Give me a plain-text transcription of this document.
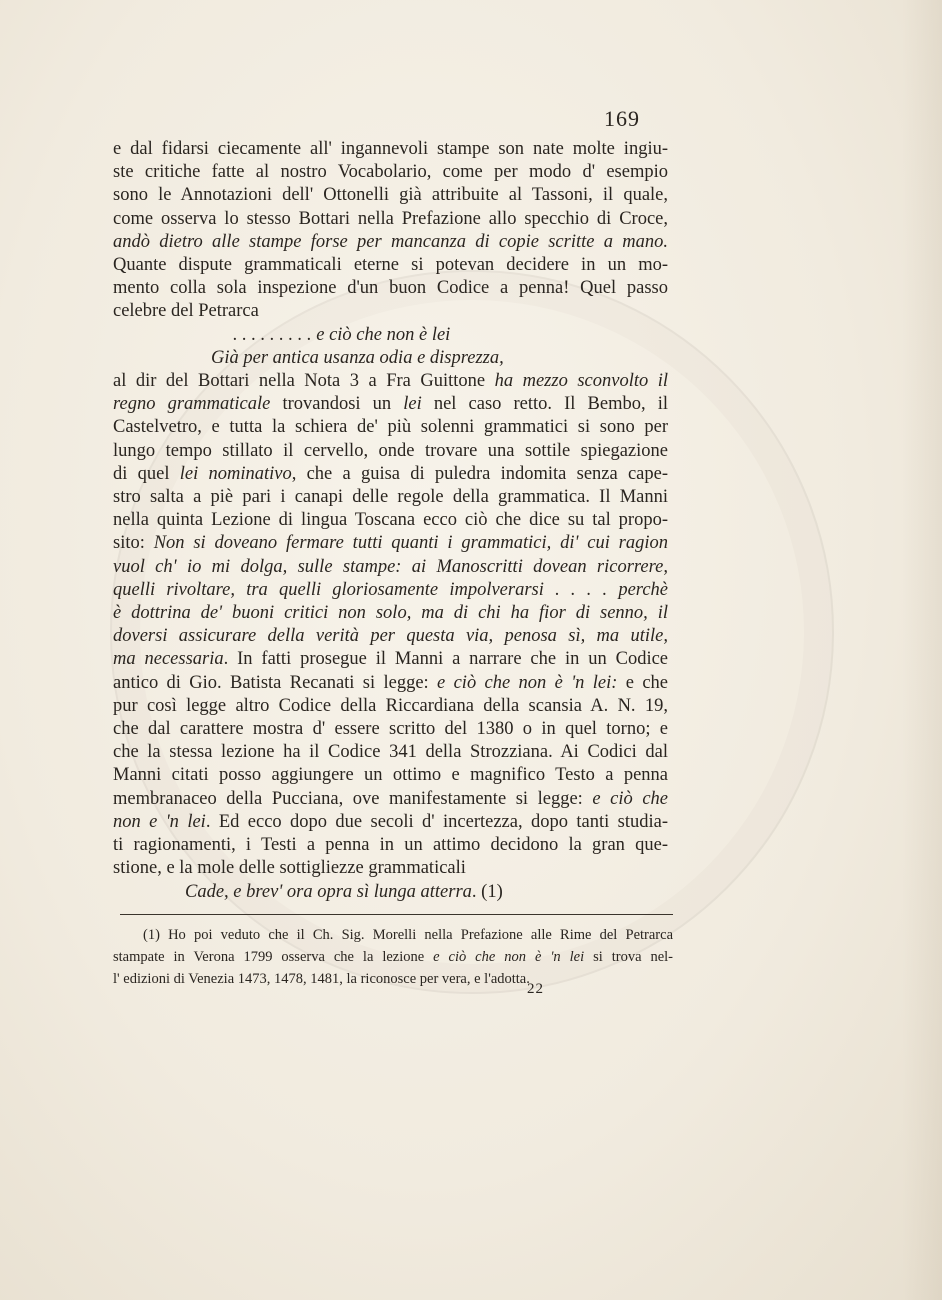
169
e dal fidarsi ciecamente all' ingannevoli stampe son nate molte ingiu-
ste critiche fatte al nostro Vocabolario, come per modo d' esempio
sono le Annotazioni dell' Ottonelli già attribuite al Tassoni, il quale,
come osserva lo stesso Bottari nella Prefazione allo specchio di Croce,
andò dietro alle stampe forse per mancanza di copie scritte a mano.
Quante dispute grammaticali eterne si potevan decidere in un mo-
mento colla sola inspezione d'un buon Codice a penna! Quel passo
celebre del Petrarca
. . . . . . . . . e ciò che non è lei
Già per antica usanza odia e disprezza,
al dir del Bottari nella Nota 3 a Fra Guittone ha mezzo sconvolto il
regno grammaticale trovandosi un lei nel caso retto. Il Bembo, il
Castelvetro, e tutta la schiera de' più solenni grammatici si sono per
lungo tempo stillato il cervello, onde trovare una sottile spiegazione
di quel lei nominativo, che a guisa di puledra indomita senza cape-
stro salta a piè pari i canapi delle regole della grammatica. Il Manni
nella quinta Lezione di lingua Toscana ecco ciò che dice su tal propo-
sito: Non si doveano fermare tutti quanti i grammatici, di' cui ragion
vuol ch' io mi dolga, sulle stampe: ai Manoscritti dovean ricorrere,
quelli rivoltare, tra quelli gloriosamente impolverarsi . . . . perchè
è dottrina de' buoni critici non solo, ma di chi ha fior di senno, il
doversi assicurare della verità per questa via, penosa sì, ma utile,
ma necessaria. In fatti prosegue il Manni a narrare che in un Codice
antico di Gio. Batista Recanati si legge: e ciò che non è 'n lei: e che
pur così legge altro Codice della Riccardiana della scansia A. N. 19,
che dal carattere mostra d' essere scritto del 1380 o in quel torno; e
che la stessa lezione ha il Codice 341 della Strozziana. Ai Codici dal
Manni citati posso aggiungere un ottimo e magnifico Testo a penna
membranaceo della Pucciana, ove manifestamente si legge: e ciò che
non e 'n lei. Ed ecco dopo due secoli d' incertezza, dopo tanti studia-
ti ragionamenti, i Testi a penna in un attimo decidono la gran que-
stione, e la mole delle sottigliezze grammaticali
Cade, e brev' ora opra sì lunga atterra. (1)
(1) Ho poi veduto che il Ch. Sig. Morelli nella Prefazione alle Rime del Petrarca
stampate in Verona 1799 osserva che la lezione e ciò che non è 'n lei si trova nel-
l' edizioni di Venezia 1473, 1478, 1481, la riconosce per vera, e l'adotta.
22
